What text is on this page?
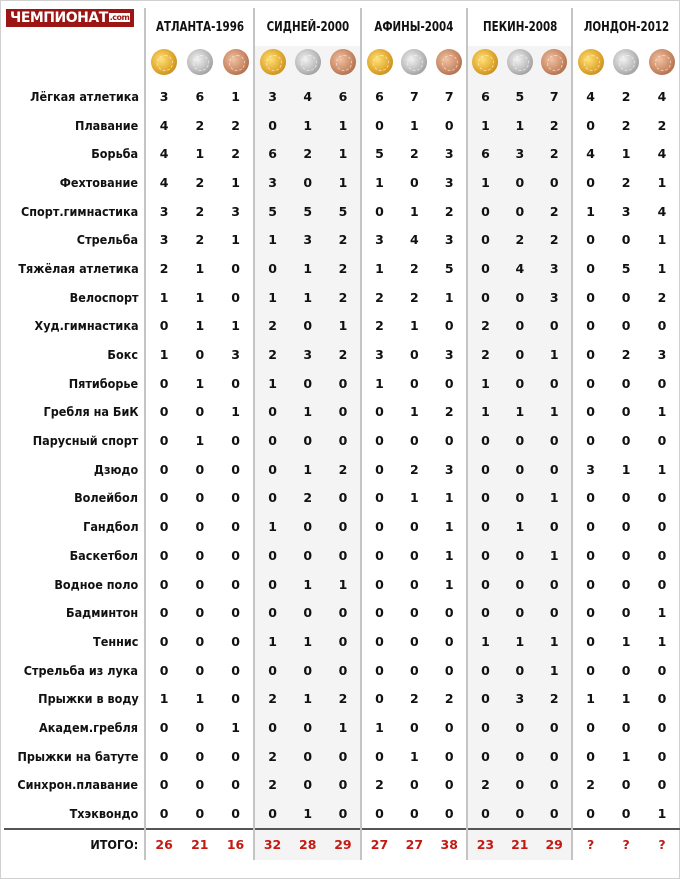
	АТЛАНТА-1996			СИДНЕЙ-2000			АФИНЫ-2004			ПЕКИН-2008			ЛОНДОН-2012		

Лёгкая атлетика	3	6	1	3	4	6	6	7	7	6	5	7	4	2	4
Плавание	4	2	2	0	1	1	0	1	0	1	1	2	0	2	2
Борьба	4	1	2	6	2	1	5	2	3	6	3	2	4	1	4
Фехтование	4	2	1	3	0	1	1	0	3	1	0	0	0	2	1
Спорт.гимнастика	3	2	3	5	5	5	0	1	2	0	0	2	1	3	4
Стрельба	3	2	1	1	3	2	3	4	3	0	2	2	0	0	1
Тяжёлая атлетика	2	1	0	0	1	2	1	2	5	0	4	3	0	5	1
Велоспорт	1	1	0	1	1	2	2	2	1	0	0	3	0	0	2
Худ.гимнастика	0	1	1	2	0	1	2	1	0	2	0	0	0	0	0
Бокс	1	0	3	2	3	2	3	0	3	2	0	1	0	2	3
Пятиборье	0	1	0	1	0	0	1	0	0	1	0	0	0	0	0
Гребля на БиК	0	0	1	0	1	0	0	1	2	1	1	1	0	0	1
Парусный спорт	0	1	0	0	0	0	0	0	0	0	0	0	0	0	0
Дзюдо	0	0	0	0	1	2	0	2	3	0	0	0	3	1	1
Волейбол	0	0	0	0	2	0	0	1	1	0	0	1	0	0	0
Гандбол	0	0	0	1	0	0	0	0	1	0	1	0	0	0	0
Баскетбол	0	0	0	0	0	0	0	0	1	0	0	1	0	0	0
Водное поло	0	0	0	0	1	1	0	0	1	0	0	0	0	0	0
Бадминтон	0	0	0	0	0	0	0	0	0	0	0	0	0	0	1
Теннис	0	0	0	1	1	0	0	0	0	1	1	1	0	1	1
Стрельба из лука	0	0	0	0	0	0	0	0	0	0	0	1	0	0	0
Прыжки в воду	1	1	0	2	1	2	0	2	2	0	3	2	1	1	0
Академ.гребля	0	0	1	0	0	1	1	0	0	0	0	0	0	0	0
Прыжки на батуте	0	0	0	2	0	0	0	1	0	0	0	0	0	1	0
Синхрон.плавание	0	0	0	2	0	0	2	0	0	2	0	0	2	0	0
Тхэквондо	0	0	0	0	1	0	0	0	0	0	0	0	0	0	1
ИТОГО:	26	21	16	32	28	29	27	27	38	23	21	29	?	?	?
ЧЕМПИОНАТ $^{.com}$
